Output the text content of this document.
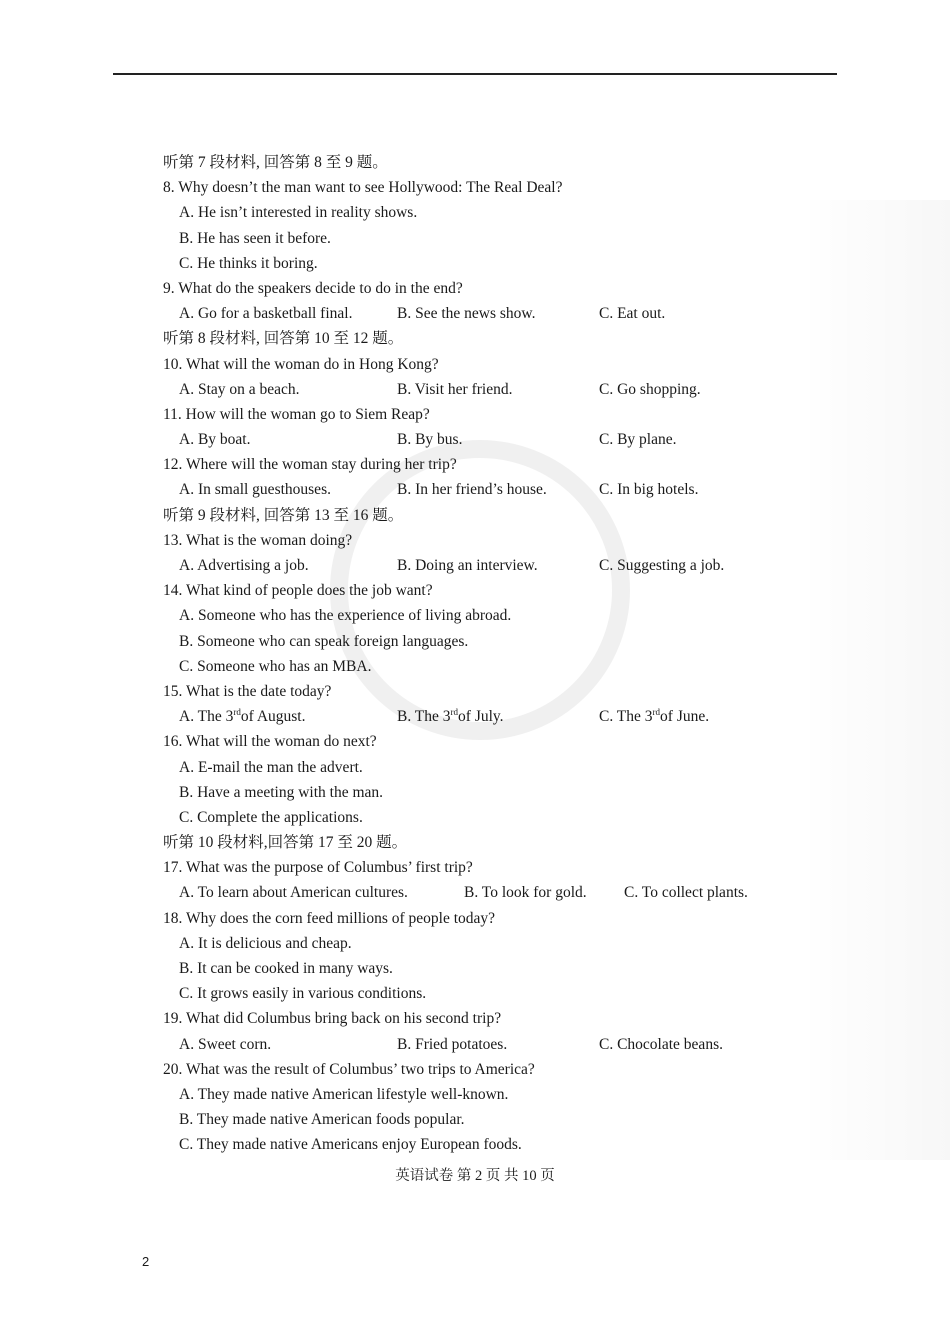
听第 7 段材料, 回答第 8 至 9 题。
8. Why doesn’t the man want to see Hollywood: The Real Deal?
A. He isn’t interested in reality shows.
B. He has seen it before.
C. He thinks it boring.
9. What do the speakers decide to do in the end?
A. Go for a basketball final.	B. See the news show.	C. Eat out.
听第 8 段材料, 回答第 10 至 12 题。
10. What will the woman do in Hong Kong?
A. Stay on a beach.	B. Visit her friend.	C. Go shopping.
11. How will the woman go to Siem Reap?
A. By boat.	B. By bus.	C. By plane.
12. Where will the woman stay during her trip?
A. In small guesthouses.	B. In her friend’s house.	C. In big hotels.
听第 9 段材料, 回答第 13 至 16 题。
13. What is the woman doing?
A. Advertising a job.	B. Doing an interview.	C. Suggesting a job.
14. What kind of people does the job want?
A. Someone who has the experience of living abroad.
B. Someone who can speak foreign languages.
C. Someone who has an MBA.
15. What is the date today?
A. The 3rdof August.	B. The 3rdof July.	C. The 3rdof June.
16. What will the woman do next?
A. E-mail the man the advert.
B. Have a meeting with the man.
C. Complete the applications.
听第 10 段材料,回答第 17 至 20 题。
17. What was the purpose of Columbus’ first trip?
A. To learn about American cultures.	B. To look for gold.	C. To collect plants.
18. Why does the corn feed millions of people today?
A. It is delicious and cheap.
B. It can be cooked in many ways.
C. It grows easily in various conditions.
19. What did Columbus bring back on his second trip?
A. Sweet corn.	B. Fried potatoes.	C. Chocolate beans.
20. What was the result of Columbus’ two trips to America?
A. They made native American lifestyle well-known.
B. They made native American foods popular.
C. They made native Americans enjoy European foods.
英语试卷 第 2 页 共 10 页
2
